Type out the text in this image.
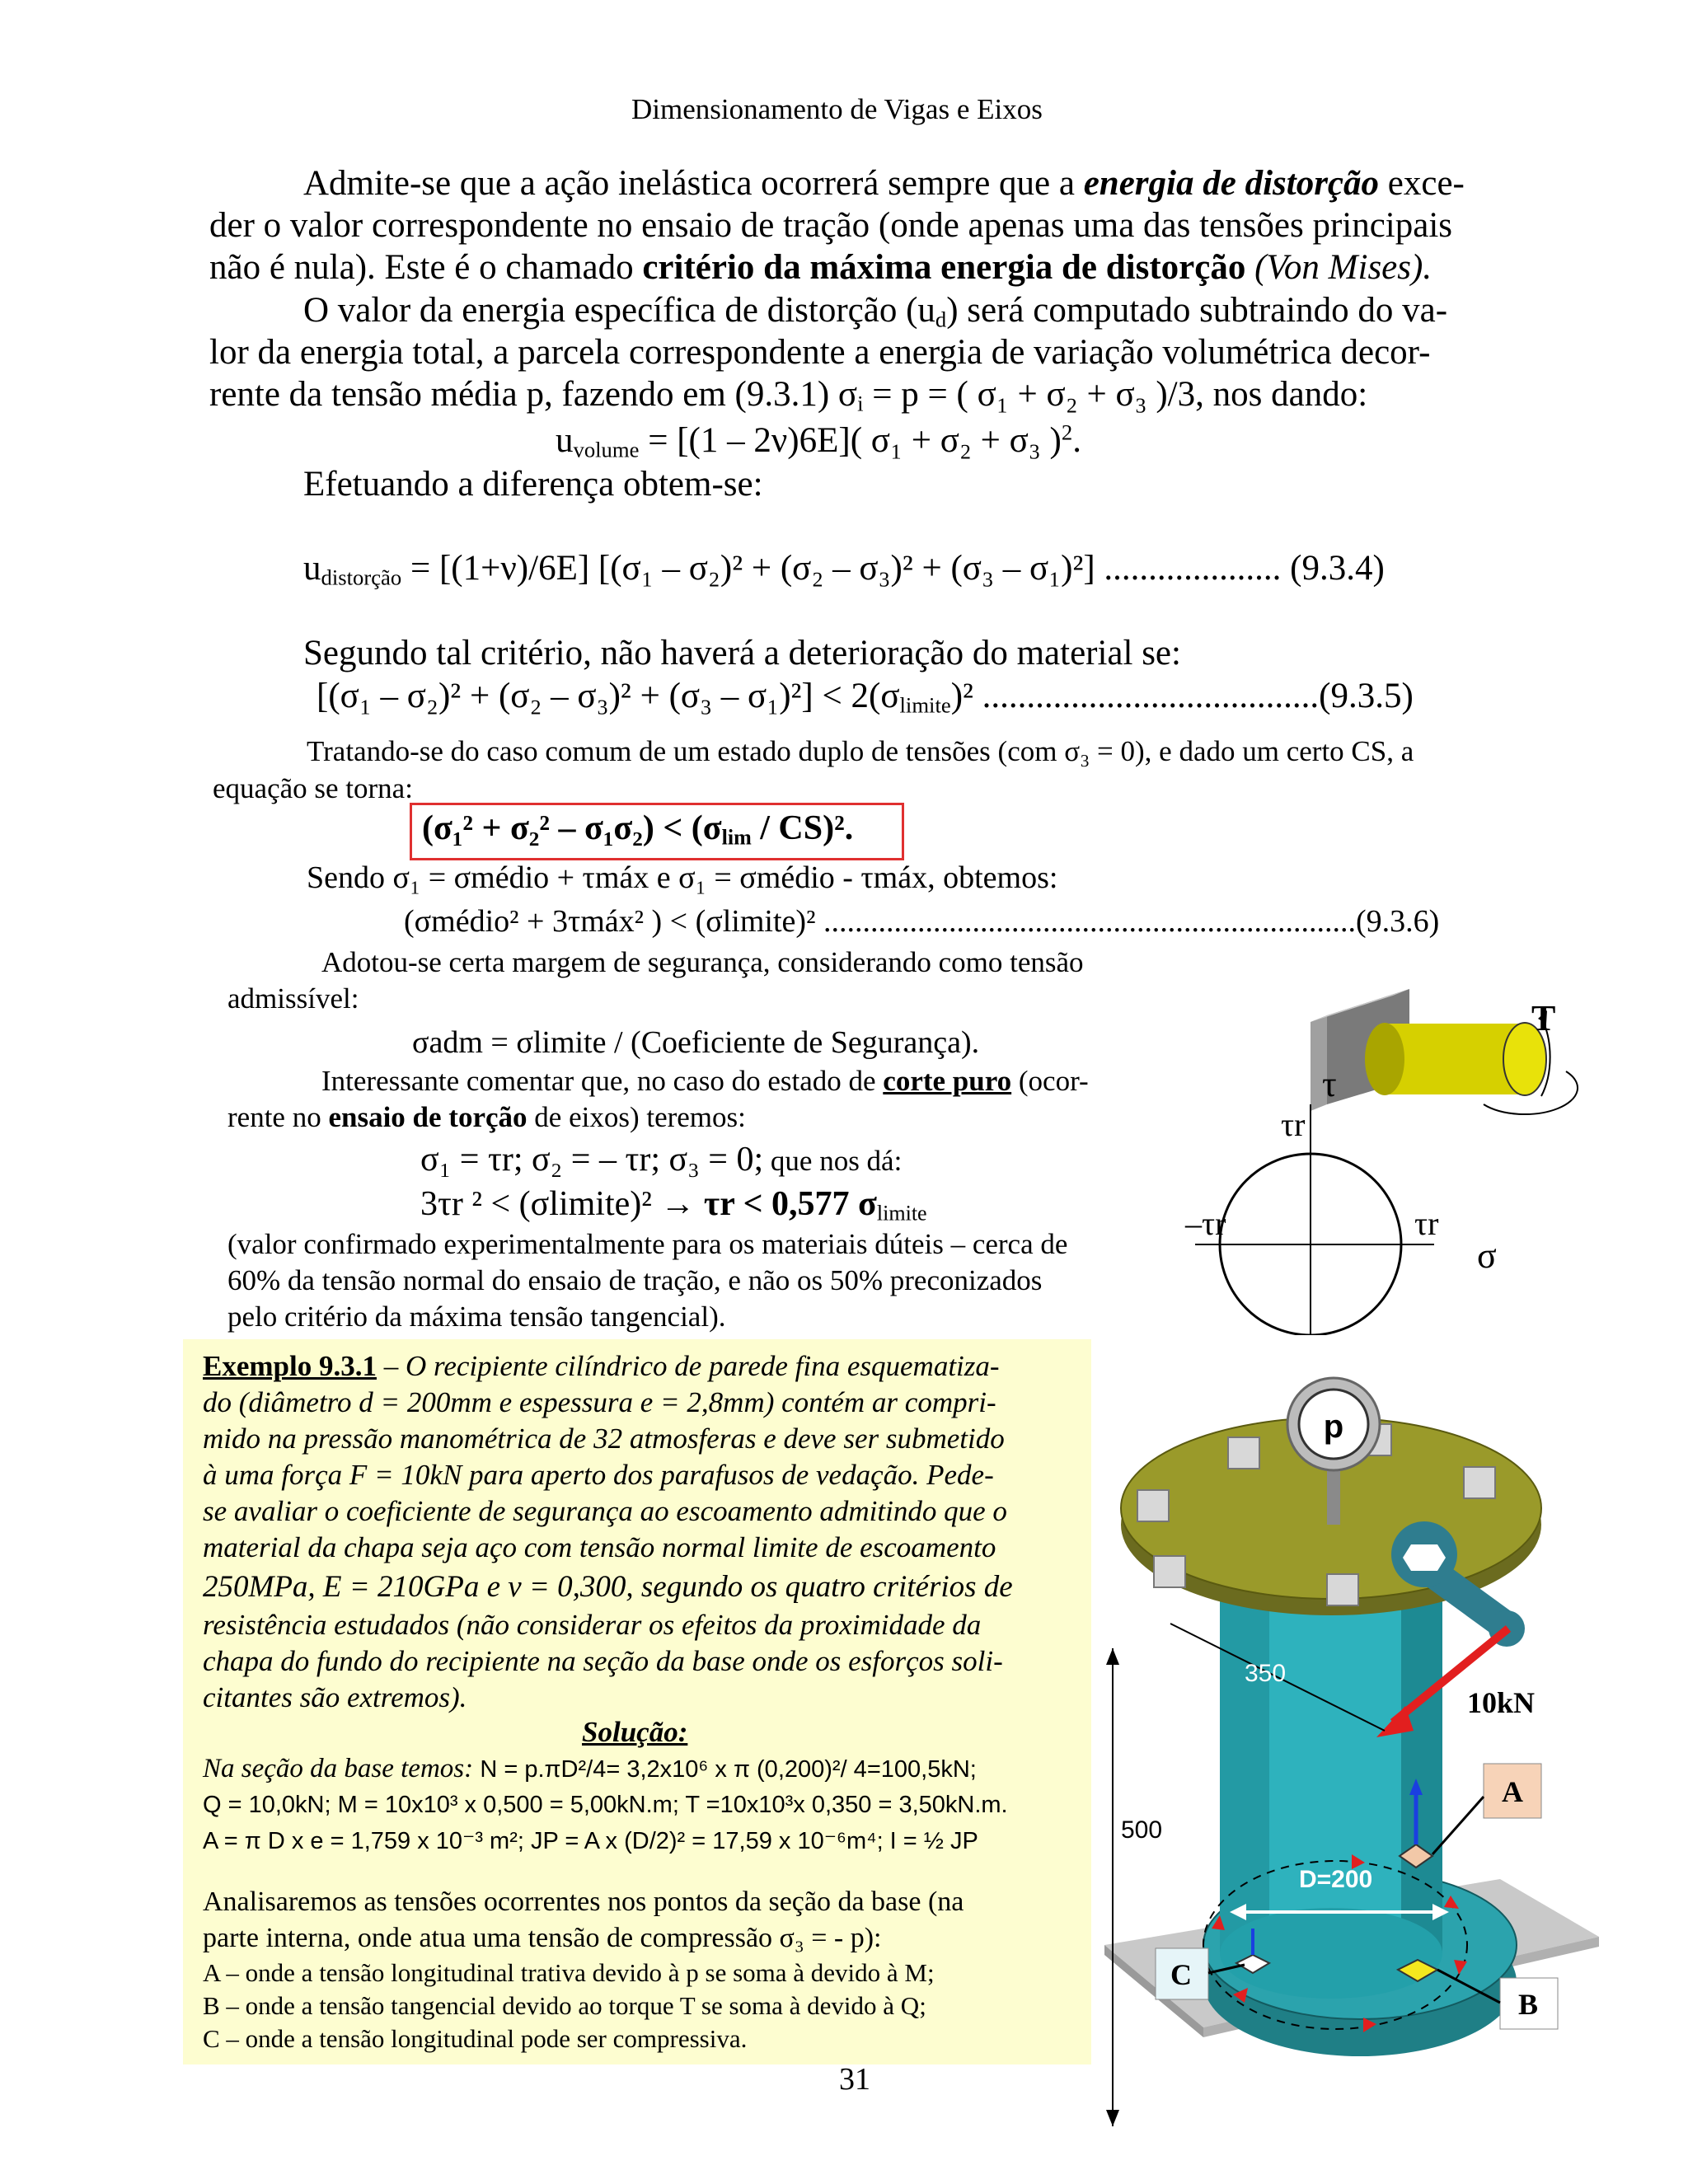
Dimensionamento de Vigas e Eixos
Admite-se que a ação inelástica ocorrerá sempre que a energia de distorção exce-
der o valor correspondente no ensaio de tração (onde apenas uma das tensões principais
não é nula). Este é o chamado critério da máxima energia de distorção (Von Mises).
O valor da energia específica de distorção $(u_d)$ será computado subtraindo do va-
lor da energia total, a parcela correspondente a energia de variação volumétrica decor-
rente da tensão média p, fazendo em (9.3.1) $\sigma_i = p$ = ( σ₁ + σ₂ + σ₃ )/3, nos dando:
$u_{volume} = [(1 - 2\nu)6E]$( σ₁ + σ₂ + σ₃ )$^2$.
Efetuando a diferença obtem-se:
$u_{distorção} = [(1+\nu)/6E]$ [(σ₁ – σ₂)² + (σ₂ – σ₃)² + (σ₃ – σ₁)²] .................... (9.3.4)
Segundo tal critério, não haverá a deterioração do material se:
$[(\sigma_1 - \sigma_2)^2 + (\sigma_2 - \sigma_3)^2 + (\sigma_3 - \sigma_1)^2] < 2(\sigma_{limite})^2$ ......................................(9.3.5)
Tratando-se do caso comum de um estado duplo de tensões (com σ₃ = 0), e dado um certo CS, a
equação se torna:
$(\sigma_1^2 + \sigma_2^2 - \sigma_1\sigma_2) < (\sigma_{lim} / CS)^2$.
Sendo σ₁ = σmédio + τmáx e σ₁ = σmédio - τmáx, obtemos:
(σmédio² + 3τmáx² ) < (σlimite)² ....................................................................(9.3.6)
Adotou-se certa margem de segurança, considerando como tensão
admissível:
σadm = σlimite / (Coeficiente de Segurança).
Interessante comentar que, no caso do estado de corte puro (ocor-
rente no ensaio de torção de eixos) teremos:
σ₁ = τr; σ₂ = – τr; σ₃ = 0; que nos dá:
3τr ² < (σlimite)² → τr < 0,577 $\sigma_{limite}$
(valor confirmado experimentalmente para os materiais dúteis – cerca de
60% da tensão normal do ensaio de tração, e não os 50% preconizados
pelo critério da máxima tensão tangencial).
τ
τr
–τr	τr
σ
T
Exemplo 9.3.1 – O recipiente cilíndrico de parede fina esquematiza-
do (diâmetro d = 200mm e espessura e = 2,8mm) contém ar compri-
mido na pressão manométrica de 32 atmosferas e deve ser submetido
à uma força F = 10kN para aperto dos parafusos de vedação. Pede-
se avaliar o coeficiente de segurança ao escoamento admitindo que o
material da chapa seja aço com tensão normal limite de escoamento
250MPa, E = 210GPa e ν = 0,300, segundo os quatro critérios de
resistência estudados (não considerar os efeitos da proximidade da
chapa do fundo do recipiente na seção da base onde os esforços soli-
citantes são extremos).
Solução:
Na seção da base temos: N = p.πD²/4= 3,2x10⁶ x π (0,200)²/ 4=100,5kN;
Q = 10,0kN; M = 10x10³ x 0,500 = 5,00kN.m; T =10x10³x 0,350 = 3,50kN.m.
A = π D x e = 1,759 x 10⁻³ m²; JP = A x (D/2)² = 17,59 x 10⁻⁶m⁴; I = ½ JP
Analisaremos as tensões ocorrentes nos pontos da seção da base (na
parte interna, onde atua uma tensão de compressão σ₃ = - p):
A – onde a tensão longitudinal trativa devido à p se soma à devido à M;
B – onde a tensão tangencial devido ao torque T se soma à devido à Q;
C – onde a tensão longitudinal pode ser compressiva.
p
10kN
350
500
D=200
A
B
C
31
